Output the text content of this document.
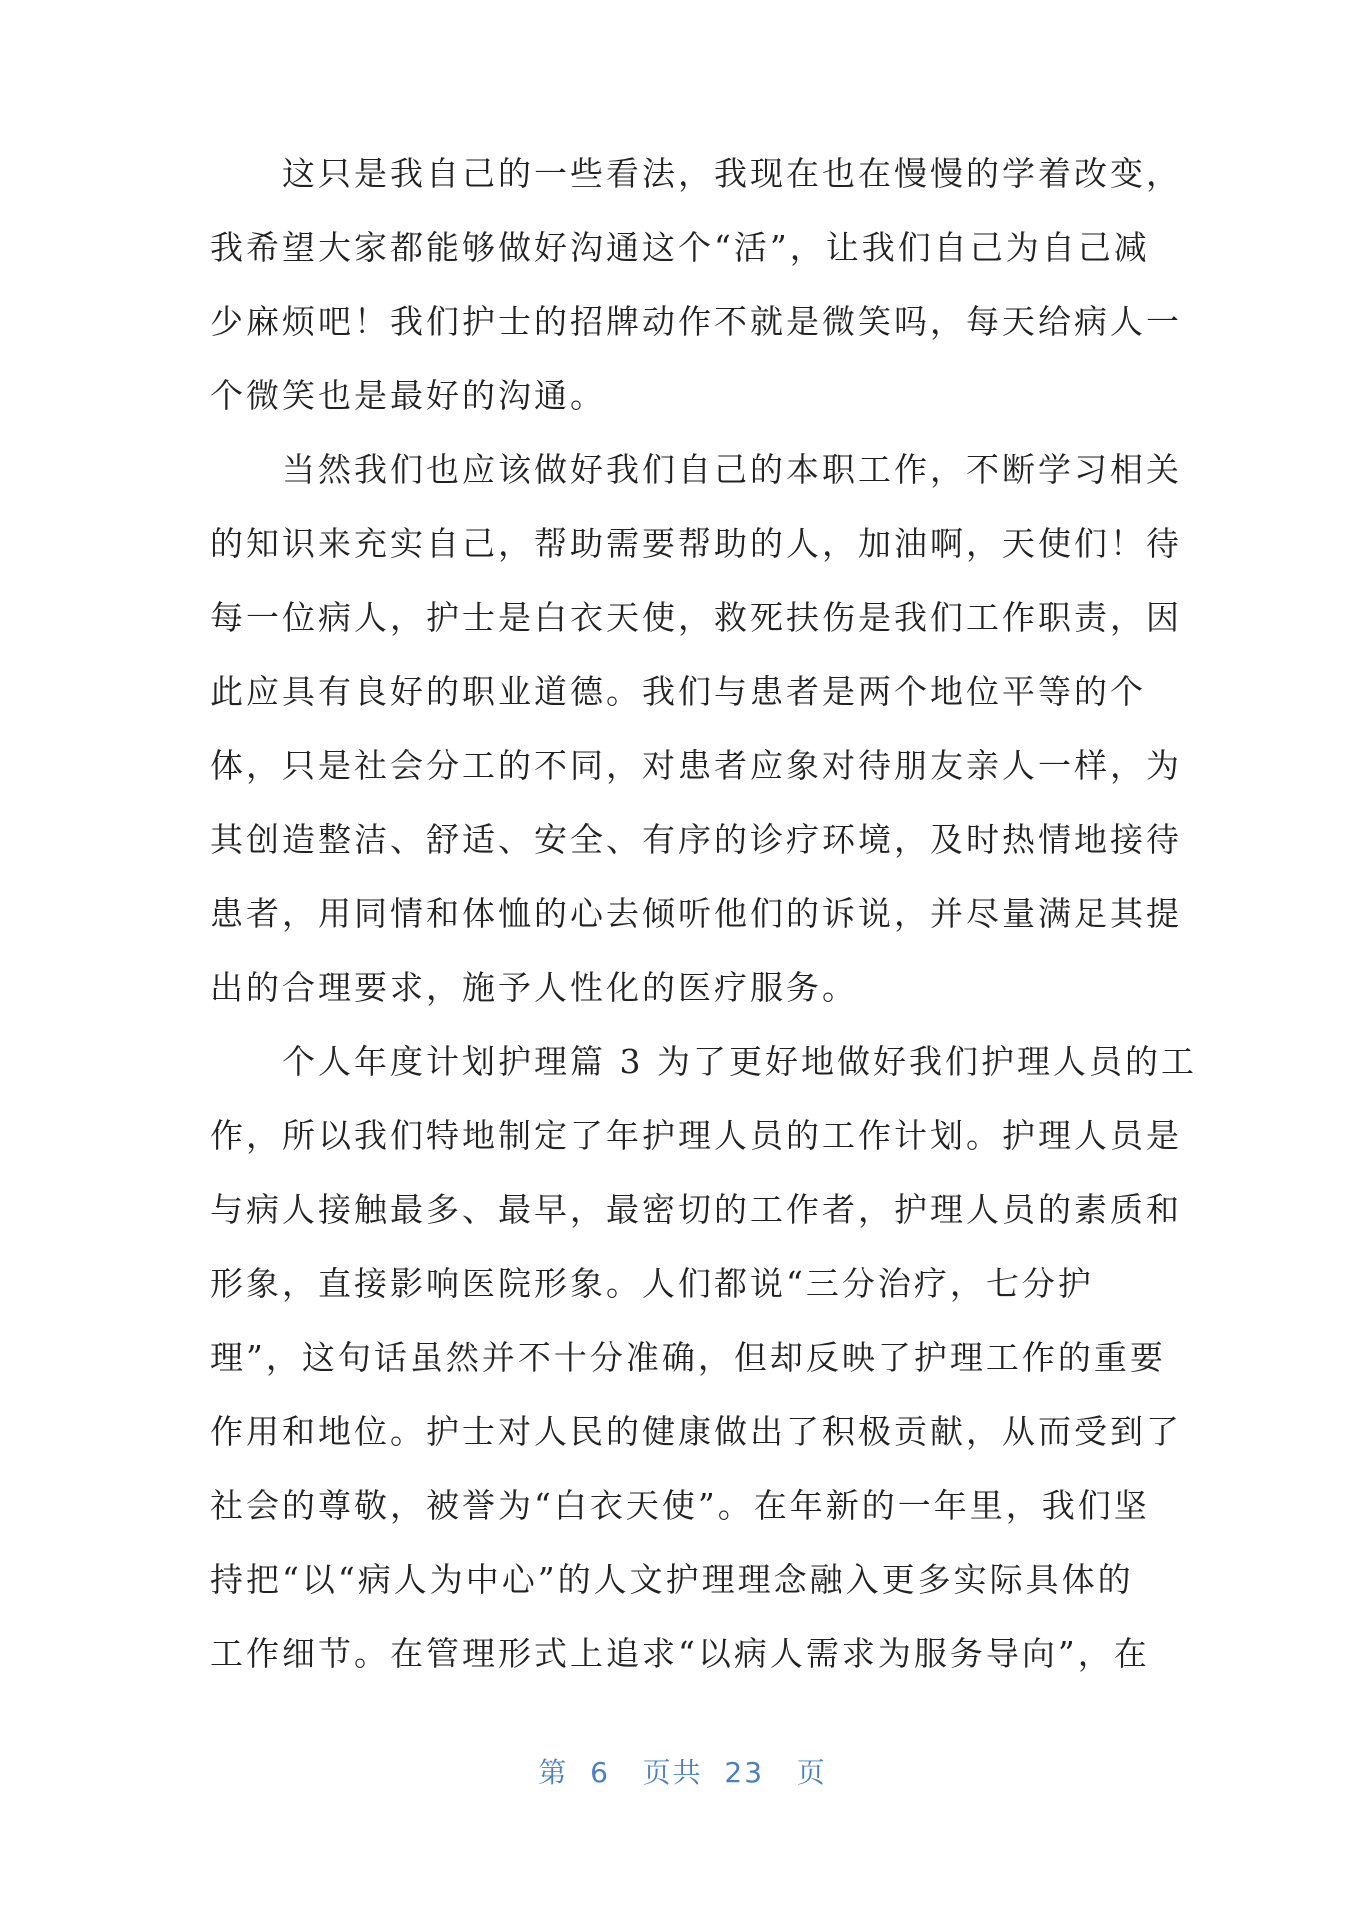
　　这只是我自己的一些看法，我现在也在慢慢的学着改变，
我希望大家都能够做好沟通这个“活”，让我们自己为自己减
少麻烦吧！我们护士的招牌动作不就是微笑吗，每天给病人一
个微笑也是最好的沟通。
　　当然我们也应该做好我们自己的本职工作，不断学习相关
的知识来充实自己，帮助需要帮助的人，加油啊，天使们！待
每一位病人，护士是白衣天使，救死扶伤是我们工作职责，因
此应具有良好的职业道德。我们与患者是两个地位平等的个
体，只是社会分工的不同，对患者应象对待朋友亲人一样，为
其创造整洁、舒适、安全、有序的诊疗环境，及时热情地接待
患者，用同情和体恤的心去倾听他们的诉说，并尽量满足其提
出的合理要求，施予人性化的医疗服务。
　　个人年度计划护理篇 3 为了更好地做好我们护理人员的工
作，所以我们特地制定了年护理人员的工作计划。护理人员是
与病人接触最多、最早，最密切的工作者，护理人员的素质和
形象，直接影响医院形象。人们都说“三分治疗，七分护
理”，这句话虽然并不十分准确，但却反映了护理工作的重要
作用和地位。护士对人民的健康做出了积极贡献，从而受到了
社会的尊敬，被誉为“白衣天使”。在年新的一年里，我们坚
持把“以“病人为中心”的人文护理理念融入更多实际具体的
工作细节。在管理形式上追求“以病人需求为服务导向”，在
第  6   页共  23   页
